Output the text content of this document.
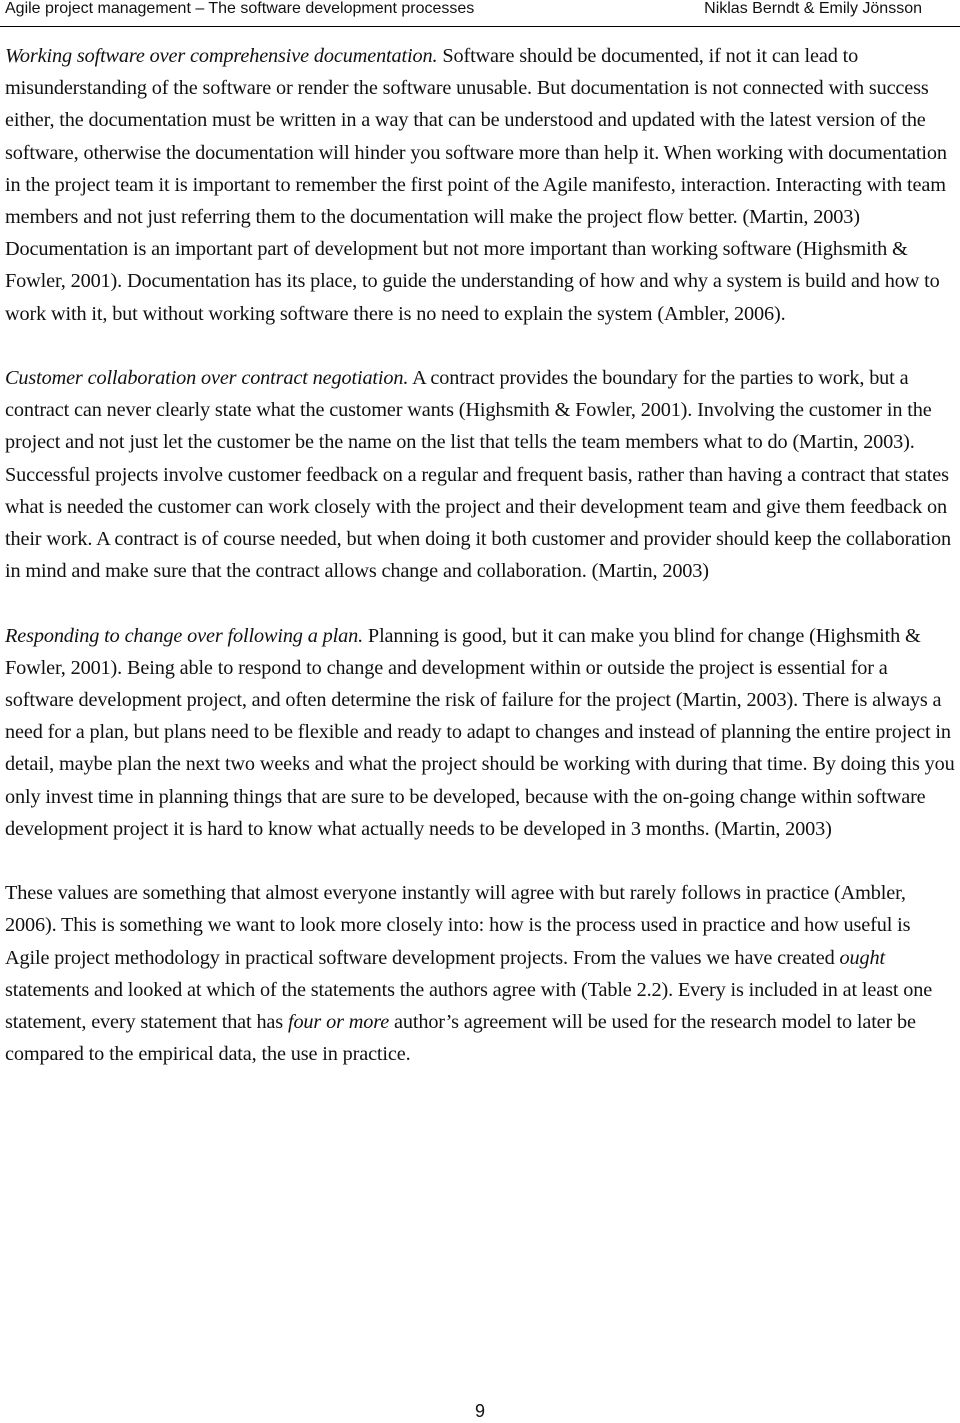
Agile project management – The software development processes	Niklas Berndt & Emily Jönsson

Working software over comprehensive documentation. Software should be documented, if not it can lead to misunderstanding of the software or render the software unusable. But documentation is not connected with success either, the documentation must be written in a way that can be understood and updated with the latest version of the software, otherwise the documentation will hinder you software more than help it. When working with documentation in the project team it is important to remember the first point of the Agile manifesto, interaction. Interacting with team members and not just referring them to the documentation will make the project flow better. (Martin, 2003) Documentation is an important part of development but not more important than working software (Highsmith & Fowler, 2001). Documentation has its place, to guide the understanding of how and why a system is build and how to work with it, but without working software there is no need to explain the system (Ambler, 2006).

Customer collaboration over contract negotiation. A contract provides the boundary for the parties to work, but a contract can never clearly state what the customer wants (Highsmith & Fowler, 2001). Involving the customer in the project and not just let the customer be the name on the list that tells the team members what to do (Martin, 2003). Successful projects involve customer feedback on a regular and frequent basis, rather than having a contract that states what is needed the customer can work closely with the project and their development team and give them feedback on their work. A contract is of course needed, but when doing it both customer and provider should keep the collaboration in mind and make sure that the contract allows change and collaboration. (Martin, 2003)

Responding to change over following a plan. Planning is good, but it can make you blind for change (Highsmith & Fowler, 2001). Being able to respond to change and development within or outside the project is essential for a software development project, and often determine the risk of failure for the project (Martin, 2003). There is always a need for a plan, but plans need to be flexible and ready to adapt to changes and instead of planning the entire project in detail, maybe plan the next two weeks and what the project should be working with during that time. By doing this you only invest time in planning things that are sure to be developed, because with the on-going change within software development project it is hard to know what actually needs to be developed in 3 months. (Martin, 2003)

These values are something that almost everyone instantly will agree with but rarely follows in practice (Ambler, 2006). This is something we want to look more closely into: how is the process used in practice and how useful is Agile project methodology in practical software development projects. From the values we have created ought statements and looked at which of the statements the authors agree with (Table 2.2). Every is included in at least one statement, every statement that has four or more author’s agreement will be used for the research model to later be compared to the empirical data, the use in practice.

9
